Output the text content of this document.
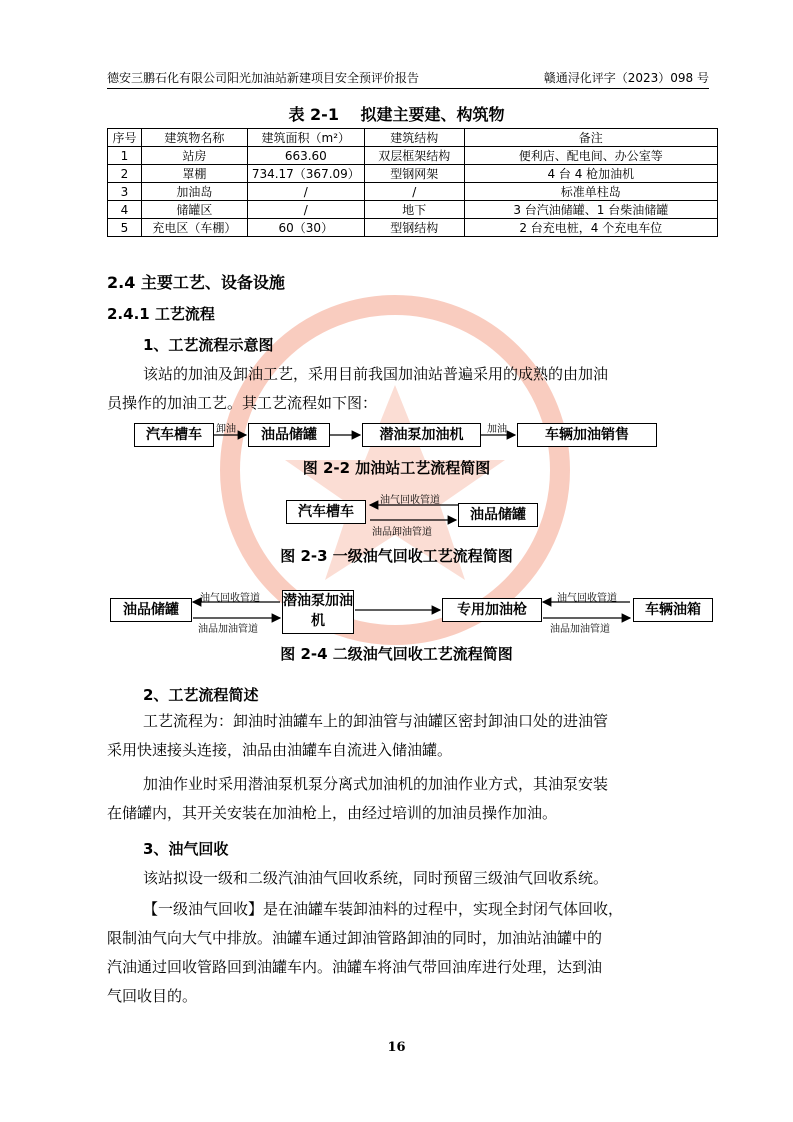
德安三鹏石化有限公司阳光加油站新建项目安全预评价报告	赣通浔化评字（2023）098 号
表 2-1　 拟建主要建、构筑物
序号	建筑物名称	建筑面积（m²）	建筑结构	备注
1	站房	663.60	双层框架结构	便利店、配电间、办公室等
2	罩棚	734.17（367.09）	型钢网架	4 台 4 枪加油机
3	加油岛	/	/	标准单柱岛
4	储罐区	/	地下	3 台汽油储罐、1 台柴油储罐
5	充电区（车棚）	60（30）	型钢结构	2 台充电桩，4 个充电车位
2.4 主要工艺、设备设施
2.4.1 工艺流程
1、工艺流程示意图
该站的加油及卸油工艺，采用目前我国加油站普遍采用的成熟的由加油
员操作的加油工艺。其工艺流程如下图：
汽车槽车	卸油	油品储罐	潜油泵加油机	加油	车辆加油销售
图 2-2 加油站工艺流程简图
汽车槽车
油气回收管道
油品卸油管道
油品储罐
图 2-3 一级油气回收工艺流程简图
油品储罐
油气回收管道
油品加油管道
潜油泵加油机
专用加油枪
油气回收管道
油品加油管道
车辆油箱
图 2-4 二级油气回收工艺流程简图
2、工艺流程简述
工艺流程为：卸油时油罐车上的卸油管与油罐区密封卸油口处的进油管
采用快速接头连接，油品由油罐车自流进入储油罐。
加油作业时采用潜油泵机泵分离式加油机的加油作业方式，其油泵安装
在储罐内，其开关安装在加油枪上，由经过培训的加油员操作加油。
3、油气回收
该站拟设一级和二级汽油油气回收系统，同时预留三级油气回收系统。
【一级油气回收】是在油罐车装卸油料的过程中，实现全封闭气体回收，
限制油气向大气中排放。油罐车通过卸油管路卸油的同时，加油站油罐中的
汽油通过回收管路回到油罐车内。油罐车将油气带回油库进行处理，达到油
气回收目的。
16
